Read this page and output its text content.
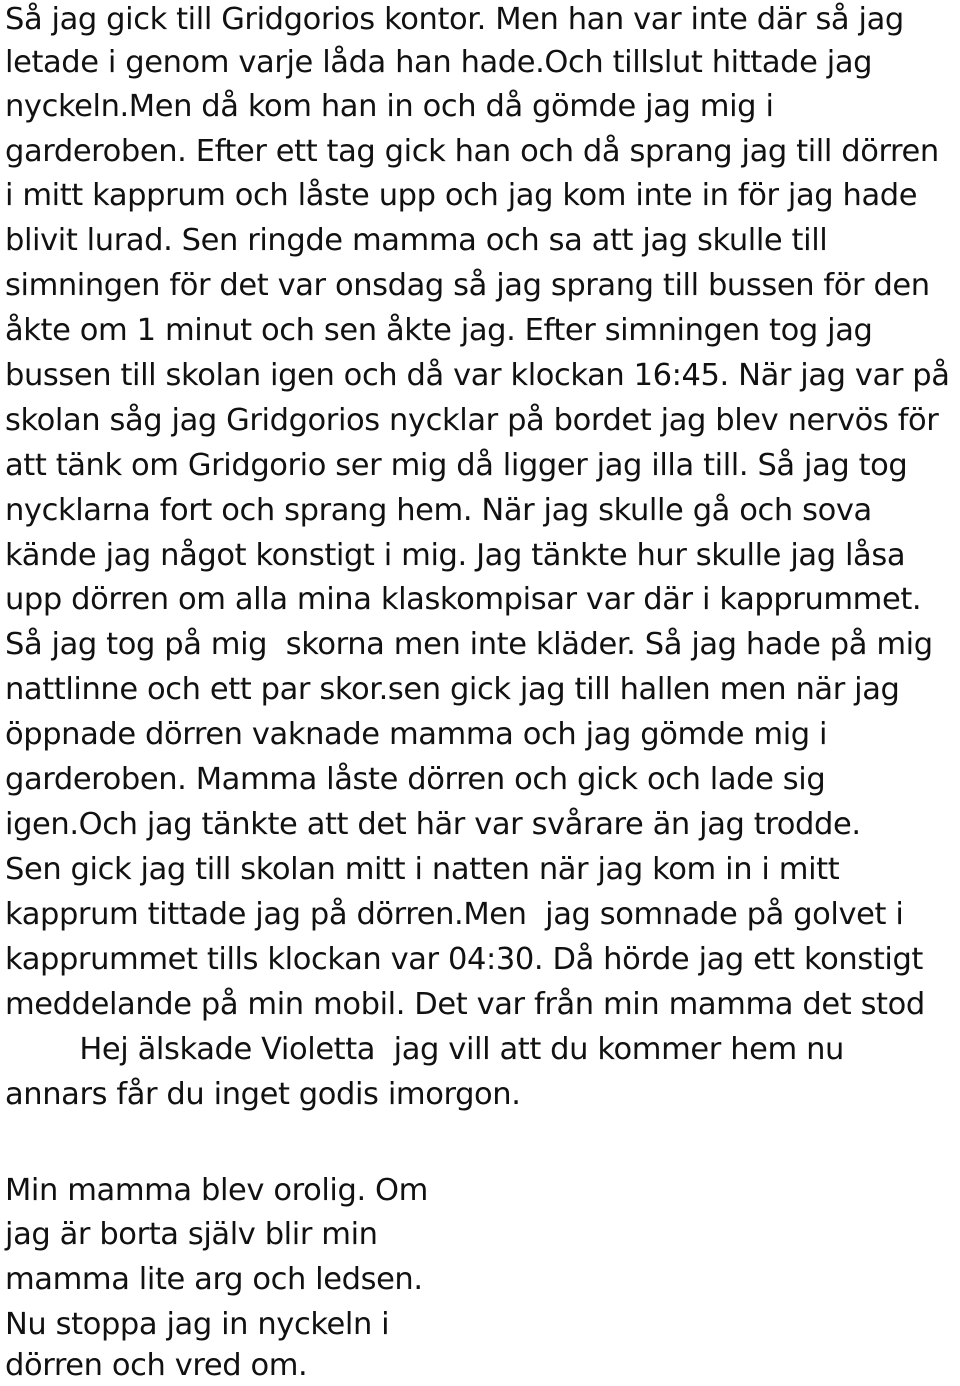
Så jag gick till Gridgorios kontor. Men han var inte där så jag
letade i genom varje låda han hade.Och tillslut hittade jag
nyckeln.Men då kom han in och då gömde jag mig i
garderoben. Efter ett tag gick han och då sprang jag till dörren
i mitt kapprum och låste upp och jag kom inte in för jag hade
blivit lurad. Sen ringde mamma och sa att jag skulle till
simningen för det var onsdag så jag sprang till bussen för den
åkte om 1 minut och sen åkte jag. Efter simningen tog jag
bussen till skolan igen och då var klockan 16:45. När jag var på
skolan såg jag Gridgorios nycklar på bordet jag blev nervös för
att tänk om Gridgorio ser mig då ligger jag illa till. Så jag tog
nycklarna fort och sprang hem. När jag skulle gå och sova
kände jag något konstigt i mig. Jag tänkte hur skulle jag låsa
upp dörren om alla mina klaskompisar var där i kapprummet.
Så jag tog på mig  skorna men inte kläder. Så jag hade på mig
nattlinne och ett par skor.sen gick jag till hallen men när jag
öppnade dörren vaknade mamma och jag gömde mig i
garderoben. Mamma låste dörren och gick och lade sig
igen.Och jag tänkte att det här var svårare än jag trodde.
Sen gick jag till skolan mitt i natten när jag kom in i mitt
kapprum tittade jag på dörren.Men  jag somnade på golvet i
kapprummet tills klockan var 04:30. Då hörde jag ett konstigt
meddelande på min mobil. Det var från min mamma det stod
Hej älskade Violetta  jag vill att du kommer hem nu
annars får du inget godis imorgon.
Min mamma blev orolig. Om
jag är borta själv blir min
mamma lite arg och ledsen.
Nu stoppa jag in nyckeln i
dörren och vred om.
